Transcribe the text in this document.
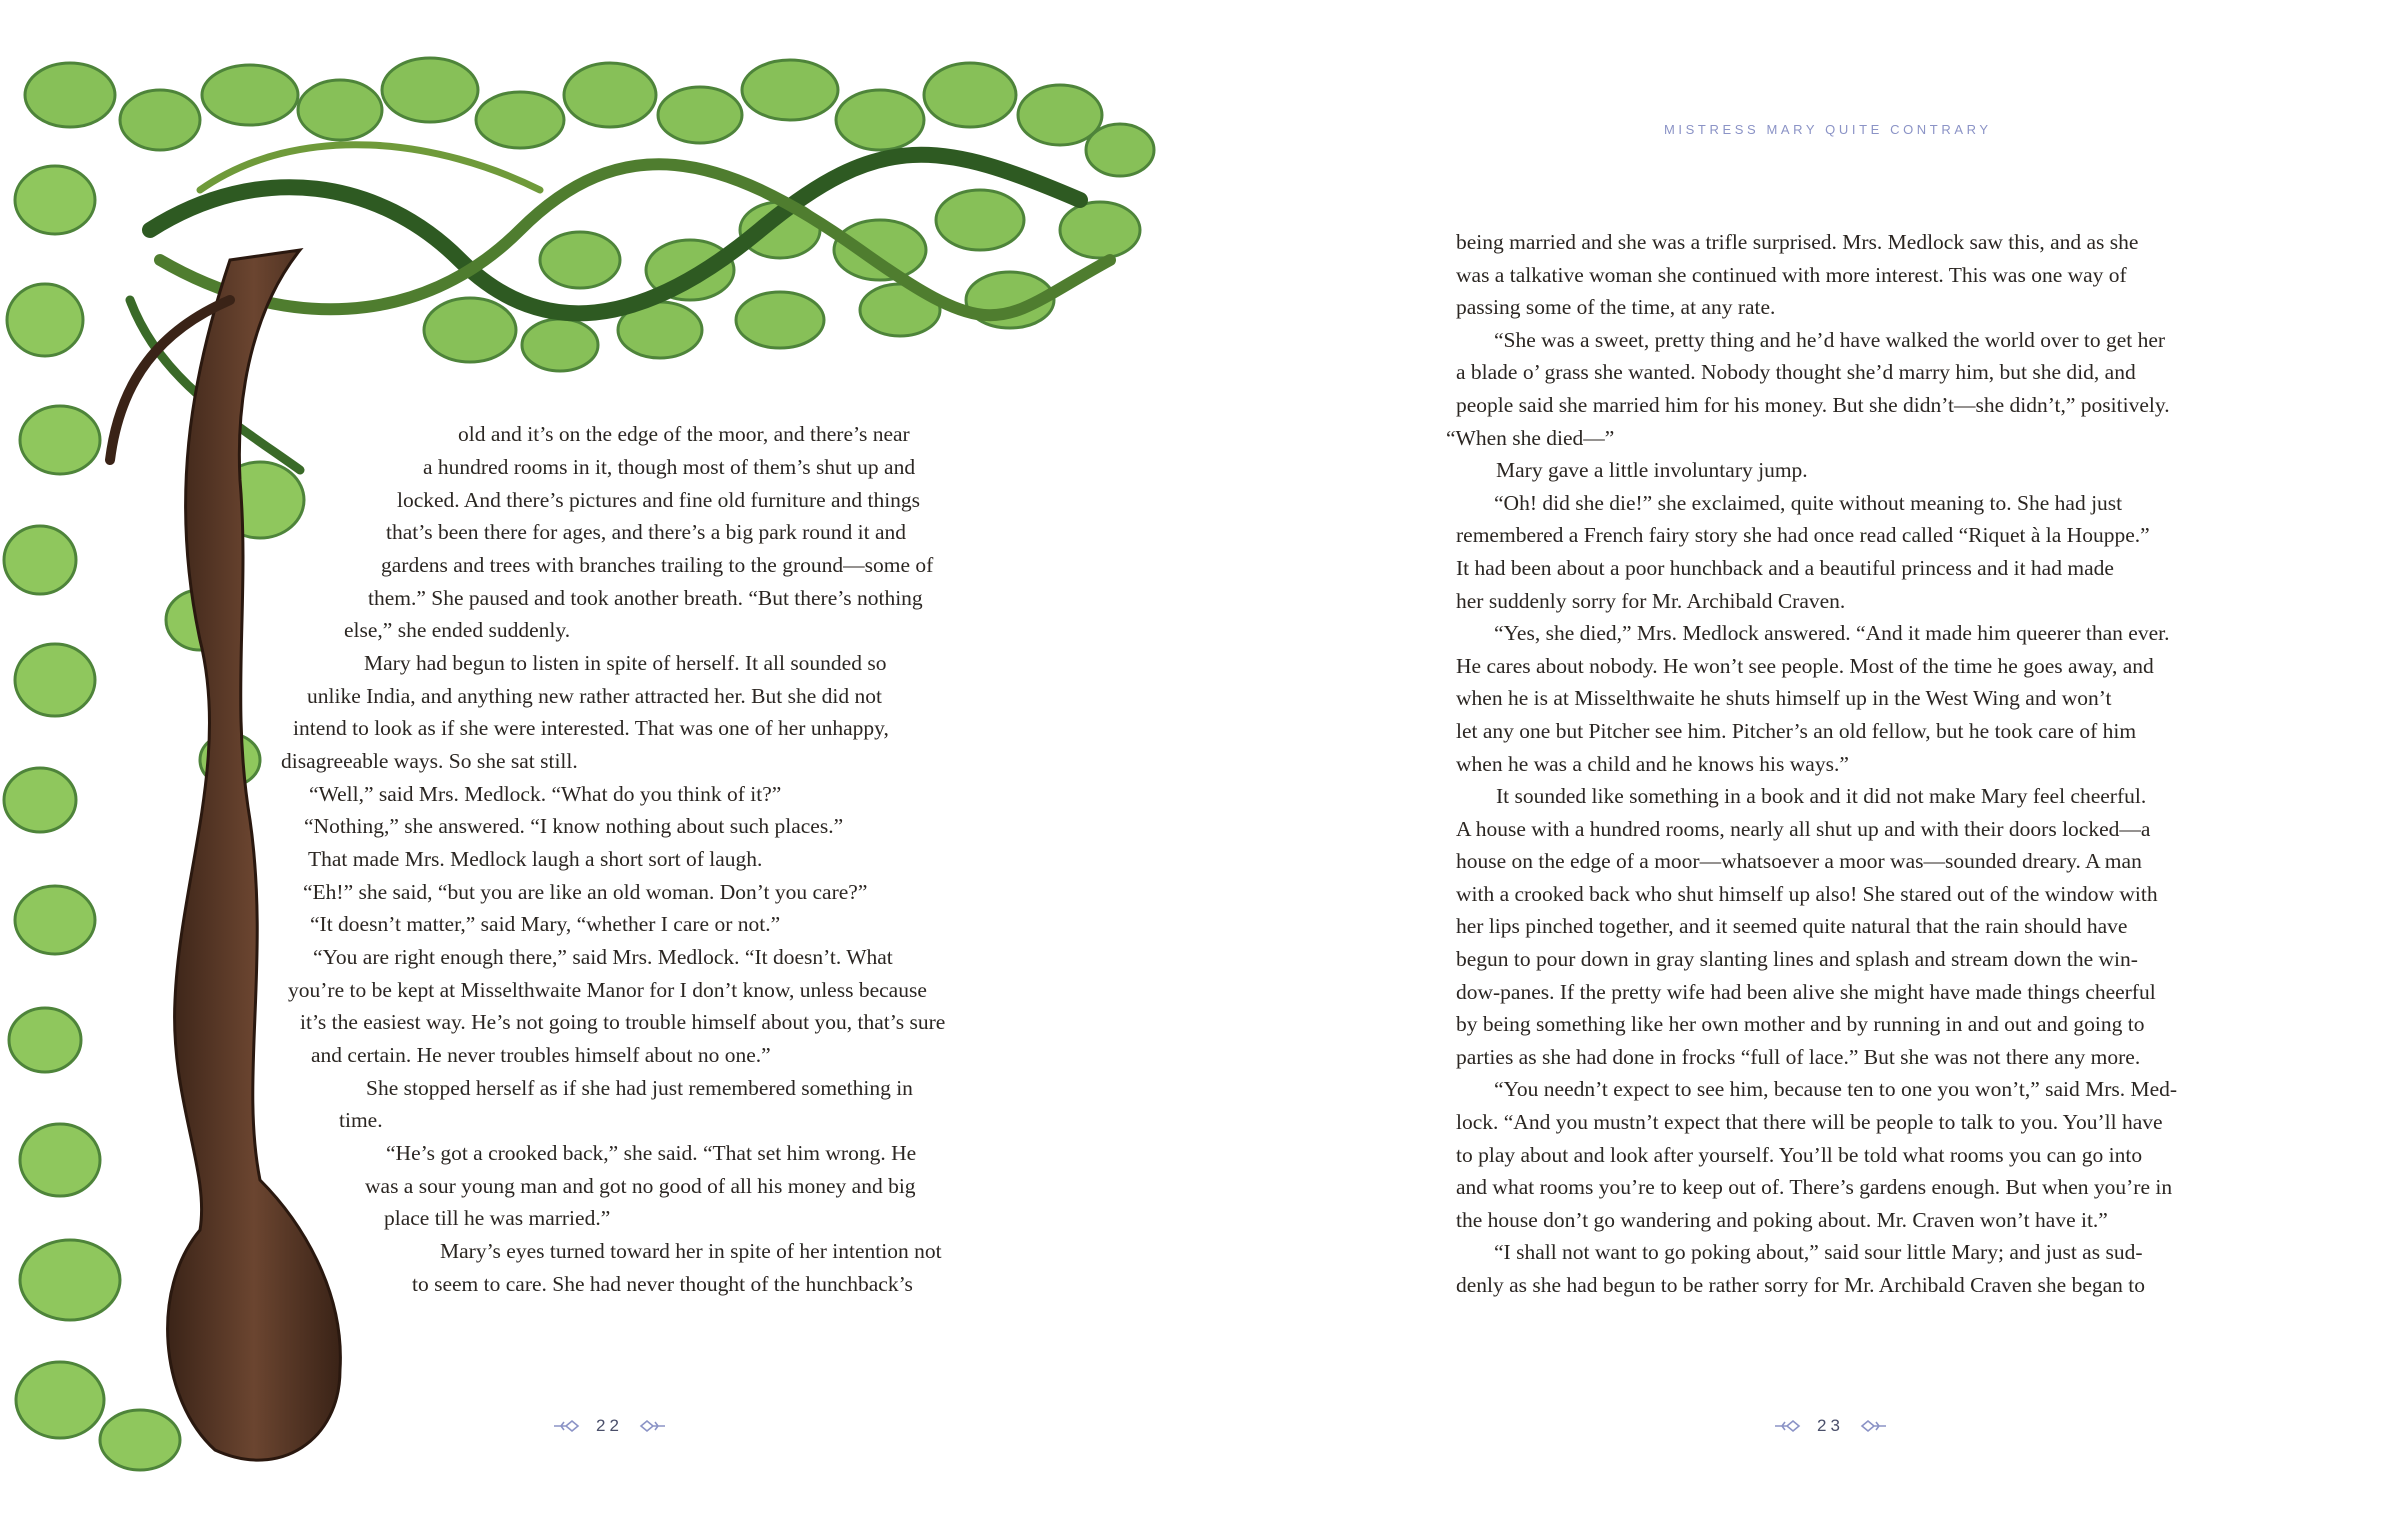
old and it’s on the edge of the moor, and there’s near
a hundred rooms in it, though most of them’s shut up and
locked. And there’s pictures and fine old furniture and things
that’s been there for ages, and there’s a big park round it and
gardens and trees with branches trailing to the ground—some of
them.” She paused and took another breath. “But there’s nothing
else,” she ended suddenly.
Mary had begun to listen in spite of herself. It all sounded so
unlike India, and anything new rather attracted her. But she did not
intend to look as if she were interested. That was one of her unhappy,
disagreeable ways. So she sat still.
“Well,” said Mrs. Medlock. “What do you think of it?”
“Nothing,” she answered. “I know nothing about such places.”
That made Mrs. Medlock laugh a short sort of laugh.
“Eh!” she said, “but you are like an old woman. Don’t you care?”
“It doesn’t matter,” said Mary, “whether I care or not.”
“You are right enough there,” said Mrs. Medlock. “It doesn’t. What
you’re to be kept at Misselthwaite Manor for I don’t know, unless because
it’s the easiest way. He’s not going to trouble himself about you, that’s sure
and certain. He never troubles himself about no one.”
She stopped herself as if she had just remembered something in
time.
“He’s got a crooked back,” she said. “That set him wrong. He
was a sour young man and got no good of all his money and big
place till he was married.”
Mary’s eyes turned toward her in spite of her intention not
to seem to care. She had never thought of the hunchback’s
22
MISTRESS MARY QUITE CONTRARY
being married and she was a trifle surprised. Mrs. Medlock saw this, and as she
was a talkative woman she continued with more interest. This was one way of
passing some of the time, at any rate.
“She was a sweet, pretty thing and he’d have walked the world over to get her
a blade o’ grass she wanted. Nobody thought she’d marry him, but she did, and
people said she married him for his money. But she didn’t—she didn’t,” positively.
“When she died—”
Mary gave a little involuntary jump.
“Oh! did she die!” she exclaimed, quite without meaning to. She had just
remembered a French fairy story she had once read called “Riquet à la Houppe.”
It had been about a poor hunchback and a beautiful princess and it had made
her suddenly sorry for Mr. Archibald Craven.
“Yes, she died,” Mrs. Medlock answered. “And it made him queerer than ever.
He cares about nobody. He won’t see people. Most of the time he goes away, and
when he is at Misselthwaite he shuts himself up in the West Wing and won’t
let any one but Pitcher see him. Pitcher’s an old fellow, but he took care of him
when he was a child and he knows his ways.”
It sounded like something in a book and it did not make Mary feel cheerful.
A house with a hundred rooms, nearly all shut up and with their doors locked—a
house on the edge of a moor—whatsoever a moor was—sounded dreary. A man
with a crooked back who shut himself up also! She stared out of the window with
her lips pinched together, and it seemed quite natural that the rain should have
begun to pour down in gray slanting lines and splash and stream down the win-
dow-panes. If the pretty wife had been alive she might have made things cheerful
by being something like her own mother and by running in and out and going to
parties as she had done in frocks “full of lace.” But she was not there any more.
“You needn’t expect to see him, because ten to one you won’t,” said Mrs. Med-
lock. “And you mustn’t expect that there will be people to talk to you. You’ll have
to play about and look after yourself. You’ll be told what rooms you can go into
and what rooms you’re to keep out of. There’s gardens enough. But when you’re in
the house don’t go wandering and poking about. Mr. Craven won’t have it.”
“I shall not want to go poking about,” said sour little Mary; and just as sud-
denly as she had begun to be rather sorry for Mr. Archibald Craven she began to
23
